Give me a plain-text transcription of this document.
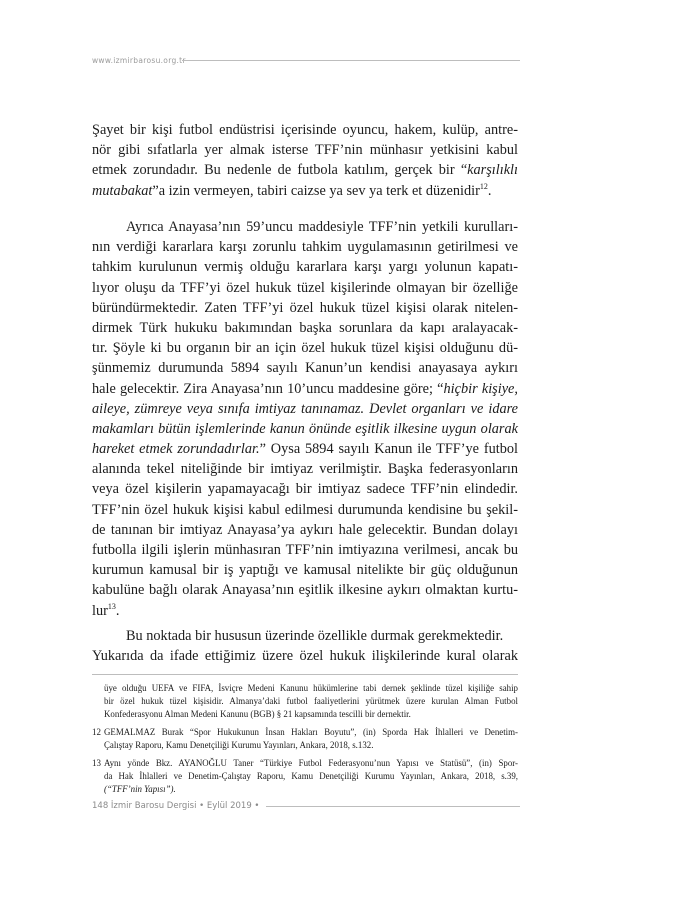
www.izmirbarosu.org.tr
Şayet bir kişi futbol endüstrisi içerisinde oyuncu, hakem, kulüp, antre-
nör gibi sıfatlarla yer almak isterse TFF’nin münhasır yetkisini kabul
etmek zorundadır. Bu nedenle de futbola katılım, gerçek bir “karşılıklı
mutabakat”a izin vermeyen, tabiri caizse ya sev ya terk et düzenidir$^{12}$.
Ayrıca Anayasa’nın 59’uncu maddesiyle TFF’nin yetkili kurulları-
nın verdiği kararlara karşı zorunlu tahkim uygulamasının getirilmesi ve
tahkim kurulunun vermiş olduğu kararlara karşı yargı yolunun kapatı-
lıyor oluşu da TFF’yi özel hukuk tüzel kişilerinde olmayan bir özelliğe
büründürmektedir. Zaten TFF’yi özel hukuk tüzel kişisi olarak nitelen-
dirmek Türk hukuku bakımından başka sorunlara da kapı aralayacak-
tır. Şöyle ki bu organın bir an için özel hukuk tüzel kişisi olduğunu dü-
şünmemiz durumunda 5894 sayılı Kanun’un kendisi anayasaya aykırı
hale gelecektir. Zira Anayasa’nın 10’uncu maddesine göre; “hiçbir kişiye,
aileye, zümreye veya sınıfa imtiyaz tanınamaz. Devlet organları ve idare
makamları bütün işlemlerinde kanun önünde eşitlik ilkesine uygun olarak
hareket etmek zorundadırlar.” Oysa 5894 sayılı Kanun ile TFF’ye futbol
alanında tekel niteliğinde bir imtiyaz verilmiştir. Başka federasyonların
veya özel kişilerin yapamayacağı bir imtiyaz sadece TFF’nin elindedir.
TFF’nin özel hukuk kişisi kabul edilmesi durumunda kendisine bu şekil-
de tanınan bir imtiyaz Anayasa’ya aykırı hale gelecektir. Bundan dolayı
futbolla ilgili işlerin münhasıran TFF’nin imtiyazına verilmesi, ancak bu
kurumun kamusal bir iş yaptığı ve kamusal nitelikte bir güç olduğunun
kabulüne bağlı olarak Anayasa’nın eşitlik ilkesine aykırı olmaktan kurtu-
lur$^{13}$.
Bu noktada bir hususun üzerinde özellikle durmak gerekmektedir.
Yukarıda da ifade ettiğimiz üzere özel hukuk ilişkilerinde kural olarak
üye olduğu UEFA ve FIFA, İsviçre Medeni Kanunu hükümlerine tabi dernek şeklinde tüzel kişiliğe sahip
bir özel hukuk tüzel kişisidir. Almanya’daki futbol faaliyetlerini yürütmek üzere kurulan Alman Futbol
Konfederasyonu Alman Medeni Kanunu (BGB) § 21 kapsamında tescilli bir dernektir.
12 GEMALMAZ Burak “Spor Hukukunun İnsan Hakları Boyutu”, (in) Sporda Hak İhlalleri ve Denetim-
Çalıştay Raporu, Kamu Denetçiliği Kurumu Yayınları, Ankara, 2018, s.132.
13 Aynı yönde Bkz. AYANOĞLU Taner “Türkiye Futbol Federasyonu’nun Yapısı ve Statüsü”, (in) Spor-
da Hak İhlalleri ve Denetim-Çalıştay Raporu, Kamu Denetçiliği Kurumu Yayınları, Ankara, 2018, s.39,
(“TFF’nin Yapısı”).
148 İzmir Barosu Dergisi • Eylül 2019 •
